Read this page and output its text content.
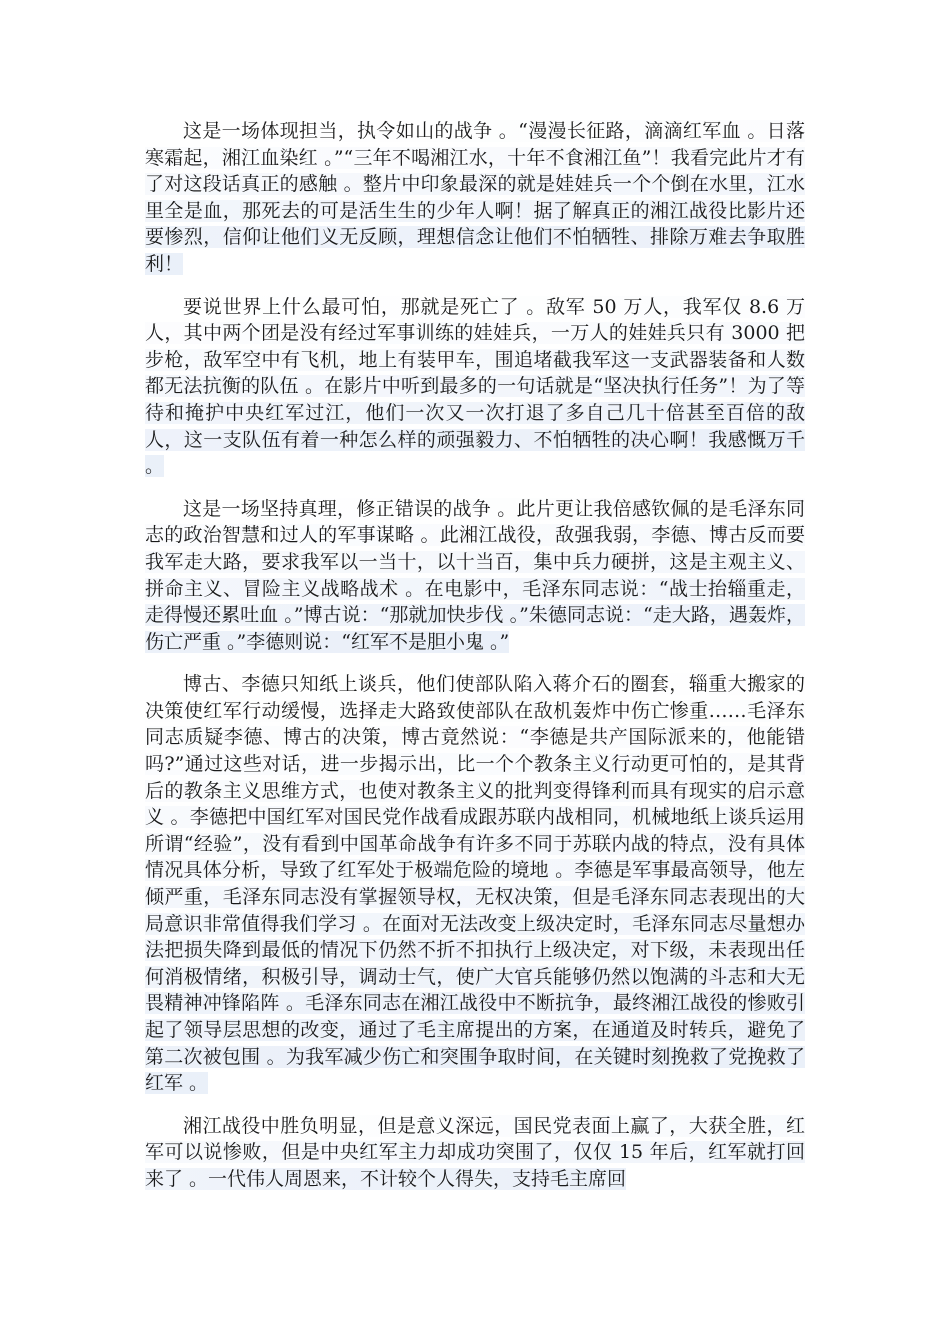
这是一场体现担当，执令如山的战争 。“漫漫长征路，滴滴红军血 。日落寒霜起，湘江血染红 。”“三年不喝湘江水，十年不食湘江鱼”！我看完此片才有了对这段话真正的感触 。整片中印象最深的就是娃娃兵一个个倒在水里，江水里全是血，那死去的可是活生生的少年人啊！据了解真正的湘江战役比影片还要惨烈，信仰让他们义无反顾，理想信念让他们不怕牺牲、排除万难去争取胜利！

要说世界上什么最可怕，那就是死亡了 。敌军 50 万人，我军仅 8.6 万人，其中两个团是没有经过军事训练的娃娃兵，一万人的娃娃兵只有 3000 把步枪，敌军空中有飞机，地上有装甲车，围追堵截我军这一支武器装备和人数都无法抗衡的队伍 。在影片中听到最多的一句话就是“坚决执行任务”！为了等待和掩护中央红军过江，他们一次又一次打退了多自己几十倍甚至百倍的敌人，这一支队伍有着一种怎么样的顽强毅力、不怕牺牲的决心啊！我感慨万千 。

这是一场坚持真理，修正错误的战争 。此片更让我倍感钦佩的是毛泽东同志的政治智慧和过人的军事谋略 。此湘江战役，敌强我弱，李德、博古反而要我军走大路，要求我军以一当十，以十当百，集中兵力硬拼，这是主观主义、拼命主义、冒险主义战略战术 。在电影中，毛泽东同志说：“战士抬辎重走，走得慢还累吐血 。”博古说：“那就加快步伐 。”朱德同志说：“走大路，遇轰炸，伤亡严重 。”李德则说：“红军不是胆小鬼 。”

博古、李德只知纸上谈兵，他们使部队陷入蒋介石的圈套，辎重大搬家的决策使红军行动缓慢，选择走大路致使部队在敌机轰炸中伤亡惨重……毛泽东同志质疑李德、博古的决策，博古竟然说：“李德是共产国际派来的，他能错吗?”通过这些对话，进一步揭示出，比一个个教条主义行动更可怕的，是其背后的教条主义思维方式，也使对教条主义的批判变得锋利而具有现实的启示意义 。李德把中国红军对国民党作战看成跟苏联内战相同，机械地纸上谈兵运用所谓“经验”，没有看到中国革命战争有许多不同于苏联内战的特点，没有具体情况具体分析，导致了红军处于极端危险的境地 。李德是军事最高领导，他左倾严重，毛泽东同志没有掌握领导权，无权决策，但是毛泽东同志表现出的大局意识非常值得我们学习 。在面对无法改变上级决定时，毛泽东同志尽量想办法把损失降到最低的情况下仍然不折不扣执行上级决定，对下级，未表现出任何消极情绪，积极引导，调动士气，使广大官兵能够仍然以饱满的斗志和大无畏精神冲锋陷阵 。毛泽东同志在湘江战役中不断抗争，最终湘江战役的惨败引起了领导层思想的改变，通过了毛主席提出的方案，在通道及时转兵，避免了第二次被包围 。为我军减少伤亡和突围争取时间，在关键时刻挽救了党挽救了红军 。

湘江战役中胜负明显，但是意义深远，国民党表面上赢了，大获全胜，红军可以说惨败，但是中央红军主力却成功突围了，仅仅 15 年后，红军就打回来了 。一代伟人周恩来，不计较个人得失，支持毛主席回
